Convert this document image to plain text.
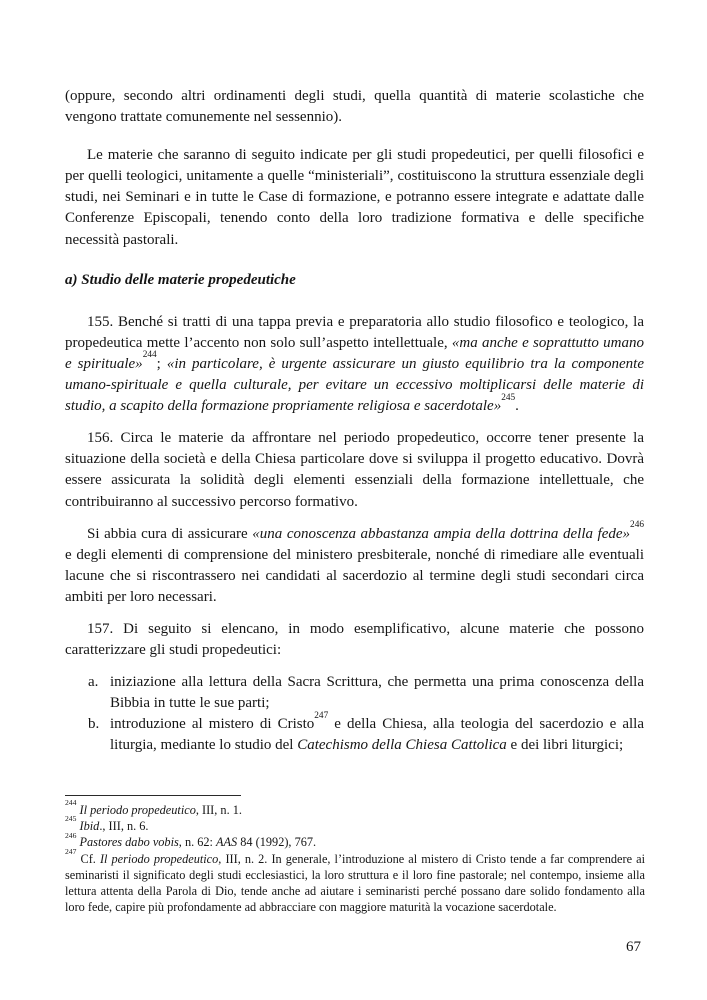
(oppure, secondo altri ordinamenti degli studi, quella quantità di materie scolastiche che vengono trattate comunemente nel sessennio).

Le materie che saranno di seguito indicate per gli studi propedeutici, per quelli filosofici e per quelli teologici, unitamente a quelle “ministeriali”, costituiscono la struttura essenziale degli studi, nei Seminari e in tutte le Case di formazione, e potranno essere integrate e adattate dalle Conferenze Episcopali, tenendo conto della loro tradizione formativa e delle specifiche necessità pastorali.

a) Studio delle materie propedeutiche

155. Benché si tratti di una tappa previa e preparatoria allo studio filosofico e teologico, la propedeutica mette l’accento non solo sull’aspetto intellettuale, «ma anche e soprattutto umano e spirituale»$^{244}$; «in particolare, è urgente assicurare un giusto equilibrio tra la componente umano-spirituale e quella culturale, per evitare un eccessivo moltiplicarsi delle materie di studio, a scapito della formazione propriamente religiosa e sacerdotale»$^{245}$.

156. Circa le materie da affrontare nel periodo propedeutico, occorre tener presente la situazione della società e della Chiesa particolare dove si sviluppa il progetto educativo. Dovrà essere assicurata la solidità degli elementi essenziali della formazione intellettuale, che contribuiranno al successivo percorso formativo.

Si abbia cura di assicurare «una conoscenza abbastanza ampia della dottrina della fede»$^{246}$ e degli elementi di comprensione del ministero presbiterale, nonché di rimediare alle eventuali lacune che si riscontrassero nei candidati al sacerdozio al termine degli studi secondari circa ambiti per loro necessari.

157. Di seguito si elencano, in modo esemplificativo, alcune materie che possono caratterizzare gli studi propedeutici:

a. iniziazione alla lettura della Sacra Scrittura, che permetta una prima conoscenza della Bibbia in tutte le sue parti;
b. introduzione al mistero di Cristo$^{247}$ e della Chiesa, alla teologia del sacerdozio e alla liturgia, mediante lo studio del Catechismo della Chiesa Cattolica e dei libri liturgici;

$^{244}$ Il periodo propedeutico, III, n. 1.

$^{245}$ Ibid., III, n. 6.

$^{246}$ Pastores dabo vobis, n. 62: AAS 84 (1992), 767.

$^{247}$ Cf. Il periodo propedeutico, III, n. 2. In generale, l’introduzione al mistero di Cristo tende a far comprendere ai seminaristi il significato degli studi ecclesiastici, la loro struttura e il loro fine pastorale; nel contempo, insieme alla lettura attenta della Parola di Dio, tende anche ad aiutare i seminaristi perché possano dare solido fondamento alla loro fede, capire più profondamente ad abbracciare con maggiore maturità la vocazione sacerdotale.

67
